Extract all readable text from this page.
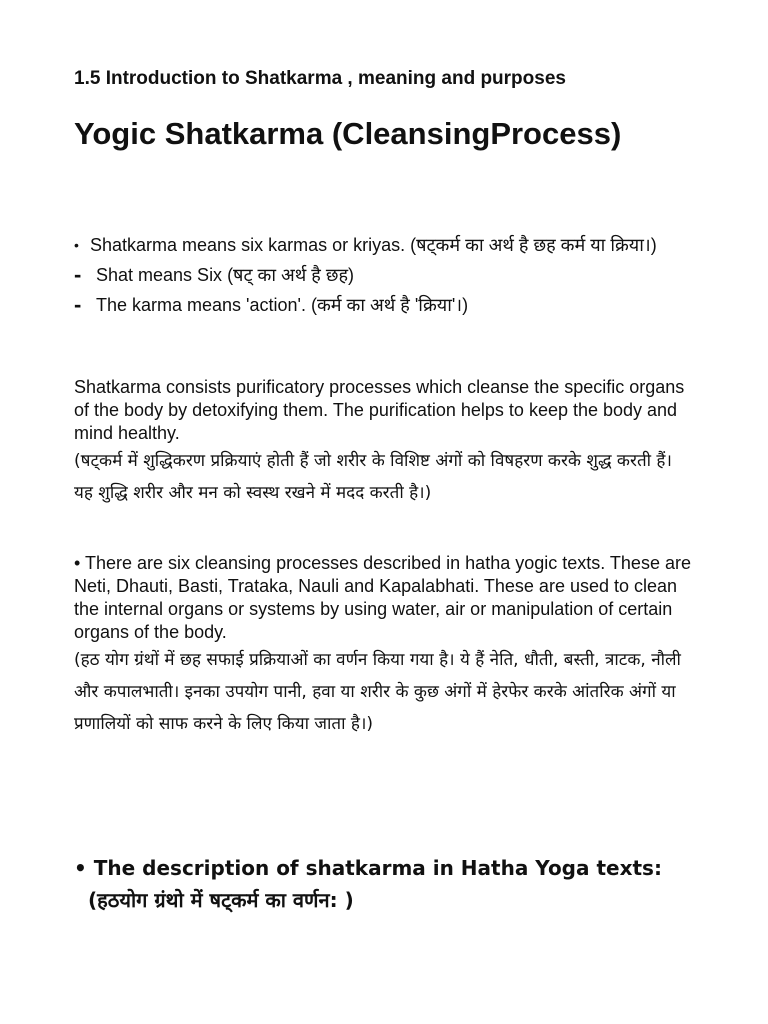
1.5 Introduction to Shatkarma , meaning and purposes
Yogic Shatkarma (CleansingProcess)
• Shatkarma means six karmas or kriyas. (षट्कर्म का अर्थ है छह कर्म या क्रिया।)
- Shat means Six (षट् का अर्थ है छह)
- The karma means 'action'. (कर्म का अर्थ है 'क्रिया'।)
Shatkarma consists purificatory processes which cleanse the specific organs of the body by detoxifying them. The purification helps to keep the body and mind healthy.
(षट्कर्म में शुद्धिकरण प्रक्रियाएं होती हैं जो शरीर के विशिष्ट अंगों को विषहरण करके शुद्ध करती हैं। यह शुद्धि शरीर और मन को स्वस्थ रखने में मदद करती है।)
• There are six cleansing processes described in hatha yogic texts. These are Neti, Dhauti, Basti, Trataka, Nauli and Kapalabhati. These are used to clean the internal organs or systems by using water, air or manipulation of certain organs of the body.
(हठ योग ग्रंथों में छह सफाई प्रक्रियाओं का वर्णन किया गया है। ये हैं नेति, धौती, बस्ती, त्राटक, नौली और कपालभाती। इनका उपयोग पानी, हवा या शरीर के कुछ अंगों में हेरफेर करके आंतरिक अंगों या प्रणालियों को साफ करने के लिए किया जाता है।)
• The description of shatkarma in Hatha Yoga texts:
(हठयोग ग्रंथो में षट्कर्म का वर्णन: )
